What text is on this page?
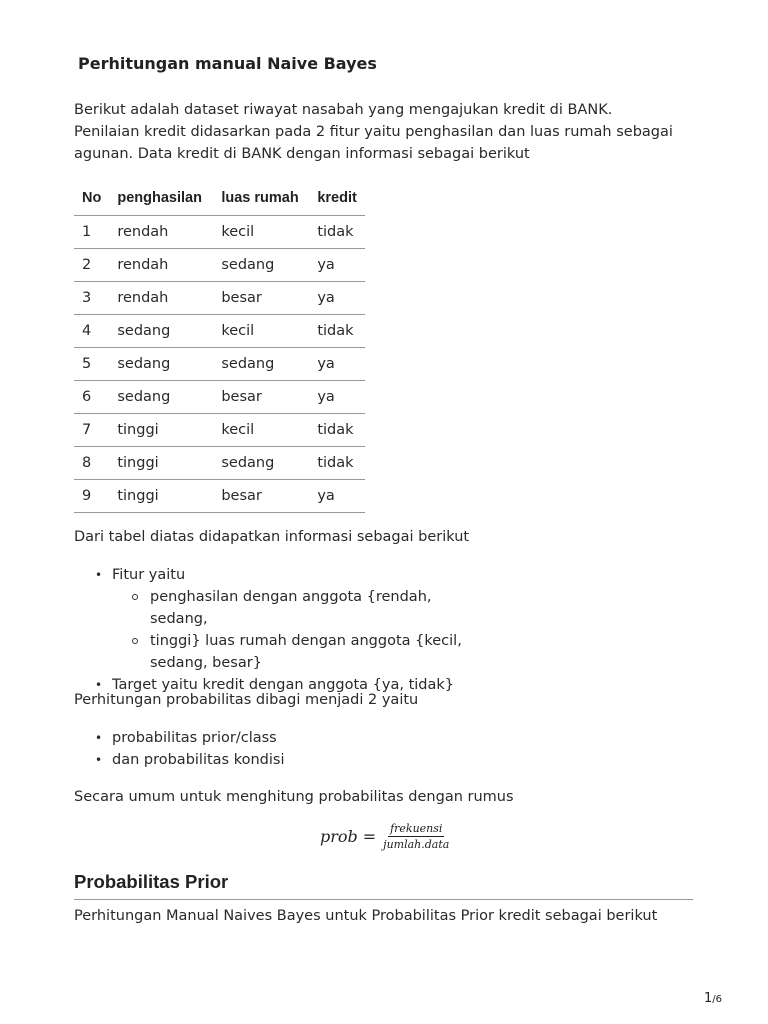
Perhitungan manual Naive Bayes
Berikut adalah dataset riwayat nasabah yang mengajukan kredit di BANK. Penilaian kredit didasarkan pada 2 fitur yaitu penghasilan dan luas rumah sebagai agunan. Data kredit di BANK dengan informasi sebagai berikut
No	penghasilan	luas rumah	kredit
1	rendah	kecil	tidak
2	rendah	sedang	ya
3	rendah	besar	ya
4	sedang	kecil	tidak
5	sedang	sedang	ya
6	sedang	besar	ya
7	tinggi	kecil	tidak
8	tinggi	sedang	tidak
9	tinggi	besar	ya
Dari tabel diatas didapatkan informasi sebagai berikut
• Fitur yaitu
penghasilan dengan anggota {rendah, sedang,
tinggi} luas rumah dengan anggota {kecil, sedang, besar}
• Target yaitu kredit dengan anggota {ya, tidak}
Perhitungan probabilitas dibagi menjadi 2 yaitu
• probabilitas prior/class
• dan probabilitas kondisi
Secara umum untuk menghitung probabilitas dengan rumus
prob = $\frac{\text{frekuensi}}{\text{jumlah.data}}$
Probabilitas Prior
Perhitungan Manual Naives Bayes untuk Probabilitas Prior kredit sebagai berikut
1/6
